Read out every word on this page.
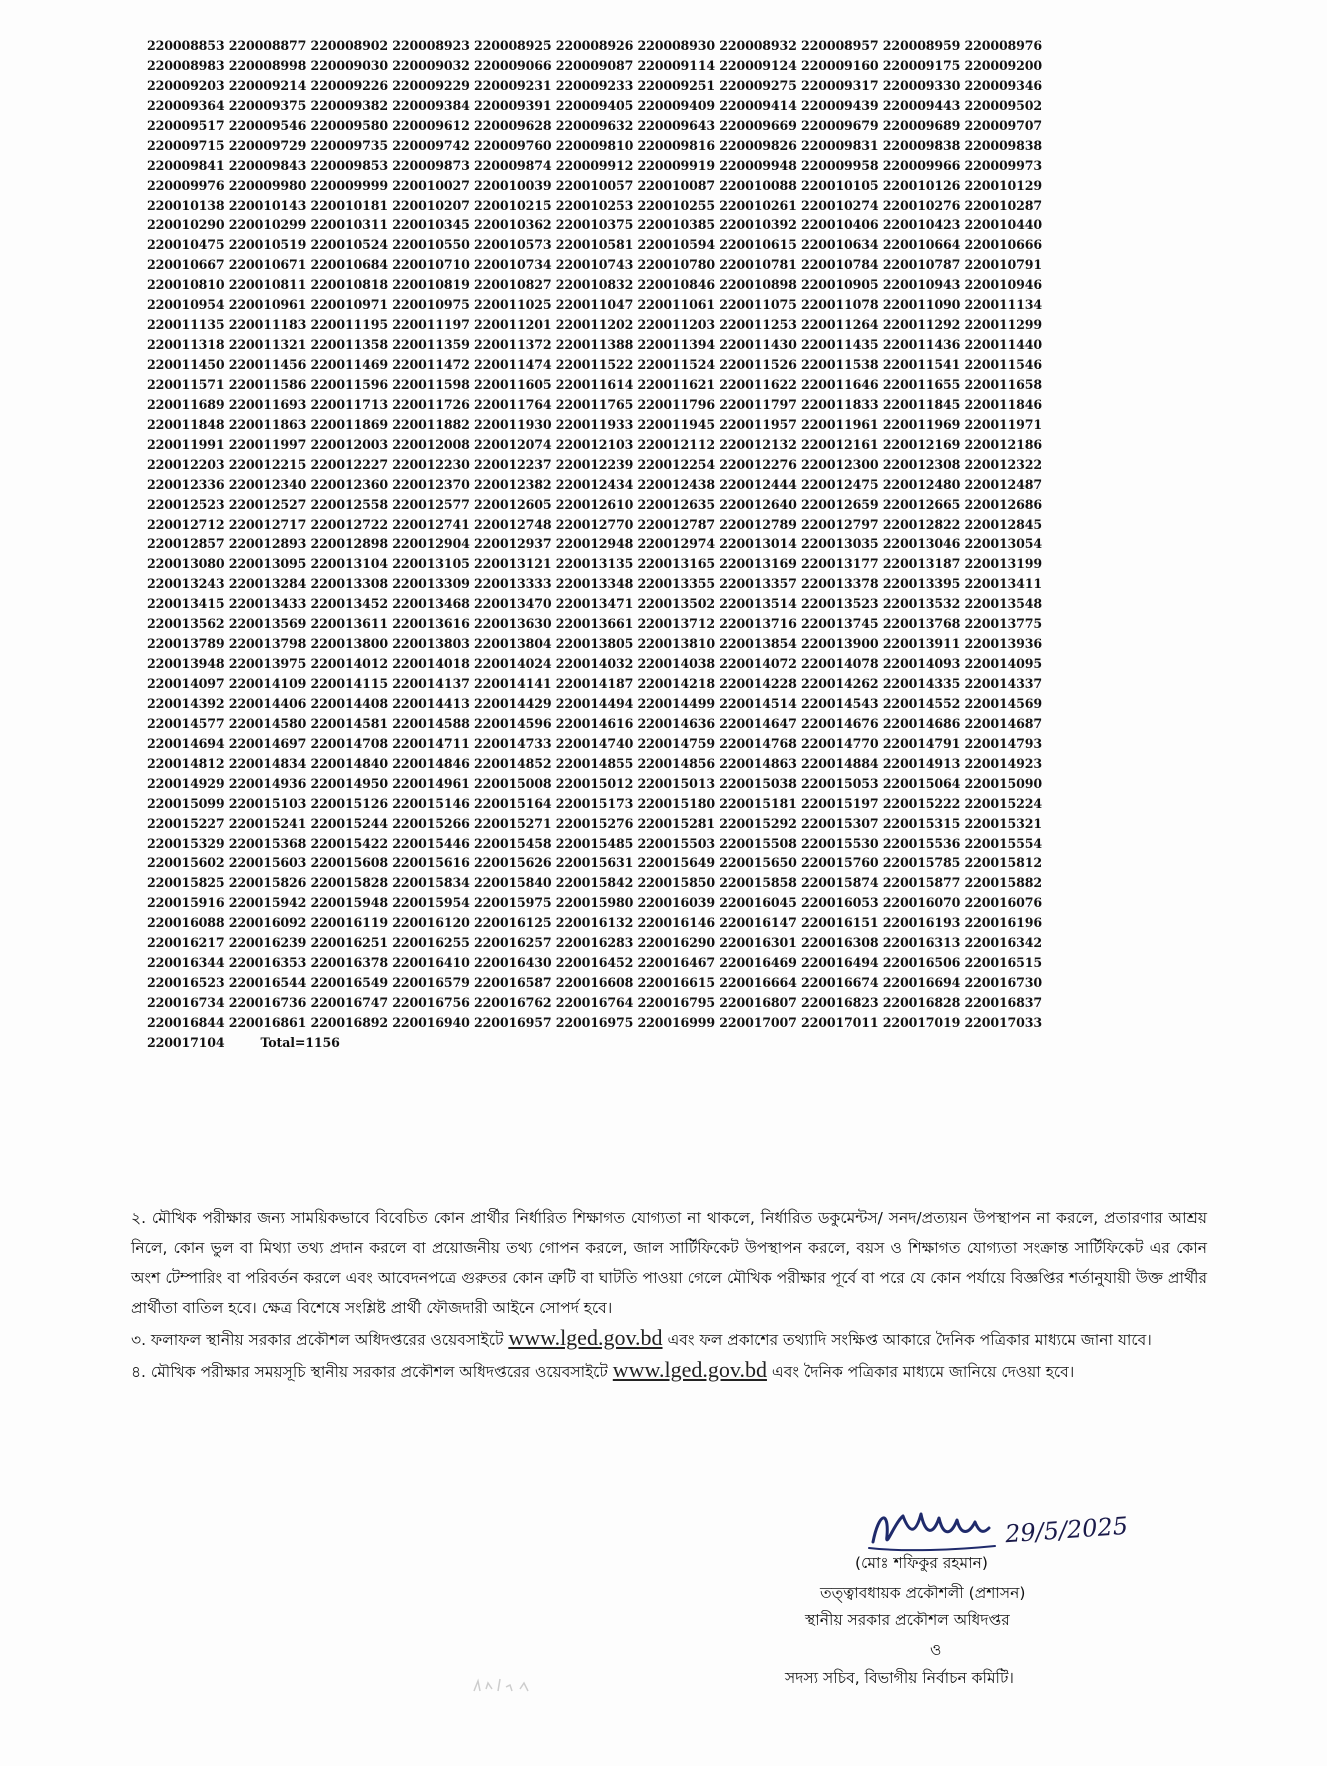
220008853 220008877 220008902 220008923 220008925 220008926 220008930 220008932 220008957 220008959 220008976
220008983 220008998 220009030 220009032 220009066 220009087 220009114 220009124 220009160 220009175 220009200
220009203 220009214 220009226 220009229 220009231 220009233 220009251 220009275 220009317 220009330 220009346
220009364 220009375 220009382 220009384 220009391 220009405 220009409 220009414 220009439 220009443 220009502
220009517 220009546 220009580 220009612 220009628 220009632 220009643 220009669 220009679 220009689 220009707
220009715 220009729 220009735 220009742 220009760 220009810 220009816 220009826 220009831 220009838 220009838
220009841 220009843 220009853 220009873 220009874 220009912 220009919 220009948 220009958 220009966 220009973
220009976 220009980 220009999 220010027 220010039 220010057 220010087 220010088 220010105 220010126 220010129
220010138 220010143 220010181 220010207 220010215 220010253 220010255 220010261 220010274 220010276 220010287
220010290 220010299 220010311 220010345 220010362 220010375 220010385 220010392 220010406 220010423 220010440
220010475 220010519 220010524 220010550 220010573 220010581 220010594 220010615 220010634 220010664 220010666
220010667 220010671 220010684 220010710 220010734 220010743 220010780 220010781 220010784 220010787 220010791
220010810 220010811 220010818 220010819 220010827 220010832 220010846 220010898 220010905 220010943 220010946
220010954 220010961 220010971 220010975 220011025 220011047 220011061 220011075 220011078 220011090 220011134
220011135 220011183 220011195 220011197 220011201 220011202 220011203 220011253 220011264 220011292 220011299
220011318 220011321 220011358 220011359 220011372 220011388 220011394 220011430 220011435 220011436 220011440
220011450 220011456 220011469 220011472 220011474 220011522 220011524 220011526 220011538 220011541 220011546
220011571 220011586 220011596 220011598 220011605 220011614 220011621 220011622 220011646 220011655 220011658
220011689 220011693 220011713 220011726 220011764 220011765 220011796 220011797 220011833 220011845 220011846
220011848 220011863 220011869 220011882 220011930 220011933 220011945 220011957 220011961 220011969 220011971
220011991 220011997 220012003 220012008 220012074 220012103 220012112 220012132 220012161 220012169 220012186
220012203 220012215 220012227 220012230 220012237 220012239 220012254 220012276 220012300 220012308 220012322
220012336 220012340 220012360 220012370 220012382 220012434 220012438 220012444 220012475 220012480 220012487
220012523 220012527 220012558 220012577 220012605 220012610 220012635 220012640 220012659 220012665 220012686
220012712 220012717 220012722 220012741 220012748 220012770 220012787 220012789 220012797 220012822 220012845
220012857 220012893 220012898 220012904 220012937 220012948 220012974 220013014 220013035 220013046 220013054
220013080 220013095 220013104 220013105 220013121 220013135 220013165 220013169 220013177 220013187 220013199
220013243 220013284 220013308 220013309 220013333 220013348 220013355 220013357 220013378 220013395 220013411
220013415 220013433 220013452 220013468 220013470 220013471 220013502 220013514 220013523 220013532 220013548
220013562 220013569 220013611 220013616 220013630 220013661 220013712 220013716 220013745 220013768 220013775
220013789 220013798 220013800 220013803 220013804 220013805 220013810 220013854 220013900 220013911 220013936
220013948 220013975 220014012 220014018 220014024 220014032 220014038 220014072 220014078 220014093 220014095
220014097 220014109 220014115 220014137 220014141 220014187 220014218 220014228 220014262 220014335 220014337
220014392 220014406 220014408 220014413 220014429 220014494 220014499 220014514 220014543 220014552 220014569
220014577 220014580 220014581 220014588 220014596 220014616 220014636 220014647 220014676 220014686 220014687
220014694 220014697 220014708 220014711 220014733 220014740 220014759 220014768 220014770 220014791 220014793
220014812 220014834 220014840 220014846 220014852 220014855 220014856 220014863 220014884 220014913 220014923
220014929 220014936 220014950 220014961 220015008 220015012 220015013 220015038 220015053 220015064 220015090
220015099 220015103 220015126 220015146 220015164 220015173 220015180 220015181 220015197 220015222 220015224
220015227 220015241 220015244 220015266 220015271 220015276 220015281 220015292 220015307 220015315 220015321
220015329 220015368 220015422 220015446 220015458 220015485 220015503 220015508 220015530 220015536 220015554
220015602 220015603 220015608 220015616 220015626 220015631 220015649 220015650 220015760 220015785 220015812
220015825 220015826 220015828 220015834 220015840 220015842 220015850 220015858 220015874 220015877 220015882
220015916 220015942 220015948 220015954 220015975 220015980 220016039 220016045 220016053 220016070 220016076
220016088 220016092 220016119 220016120 220016125 220016132 220016146 220016147 220016151 220016193 220016196
220016217 220016239 220016251 220016255 220016257 220016283 220016290 220016301 220016308 220016313 220016342
220016344 220016353 220016378 220016410 220016430 220016452 220016467 220016469 220016494 220016506 220016515
220016523 220016544 220016549 220016579 220016587 220016608 220016615 220016664 220016674 220016694 220016730
220016734 220016736 220016747 220016756 220016762 220016764 220016795 220016807 220016823 220016828 220016837
220016844 220016861 220016892 220016940 220016957 220016975 220016999 220017007 220017011 220017019 220017033
220017104	Total=1156

২. মৌখিক পরীক্ষার জন্য সাময়িকভাবে বিবেচিত কোন প্রার্থীর নির্ধারিত শিক্ষাগত যোগ্যতা না থাকলে, নির্ধারিত ডকুমেন্টস/ সনদ/প্রত্যয়ন উপস্থাপন না করলে, প্রতারণার আশ্রয় নিলে, কোন ভুল বা মিথ্যা তথ্য প্রদান করলে বা প্রয়োজনীয় তথ্য গোপন করলে, জাল সার্টিফিকেট উপস্থাপন করলে, বয়স ও শিক্ষাগত যোগ্যতা সংক্রান্ত সার্টিফিকেট এর কোন অংশ টেম্পারিং বা পরিবর্তন করলে এবং আবেদনপত্রে গুরুতর কোন ত্রুটি বা ঘাটতি পাওয়া গেলে মৌখিক পরীক্ষার পূর্বে বা পরে যে কোন পর্যায়ে বিজ্ঞপ্তির শর্তানুযায়ী উক্ত প্রার্থীর প্রার্থীতা বাতিল হবে। ক্ষেত্র বিশেষে সংশ্লিষ্ট প্রার্থী ফৌজদারী আইনে সোপর্দ হবে।

৩. ফলাফল স্থানীয় সরকার প্রকৌশল অধিদপ্তরের ওয়েবসাইটে www.lged.gov.bd এবং ফল প্রকাশের তথ্যাদি সংক্ষিপ্ত আকারে দৈনিক পত্রিকার মাধ্যমে জানা যাবে।

৪. মৌখিক পরীক্ষার সময়সূচি স্থানীয় সরকার প্রকৌশল অধিদপ্তরের ওয়েবসাইটে www.lged.gov.bd এবং দৈনিক পত্রিকার মাধ্যমে জানিয়ে দেওয়া হবে।

29/5/2025
(মোঃ শফিকুর রহমান)
তত্ত্বাবধায়ক প্রকৌশলী (প্রশাসন)
স্থানীয় সরকার প্রকৌশল অধিদপ্তর
ও
সদস্য সচিব, বিভাগীয় নির্বাচন কমিটি।
